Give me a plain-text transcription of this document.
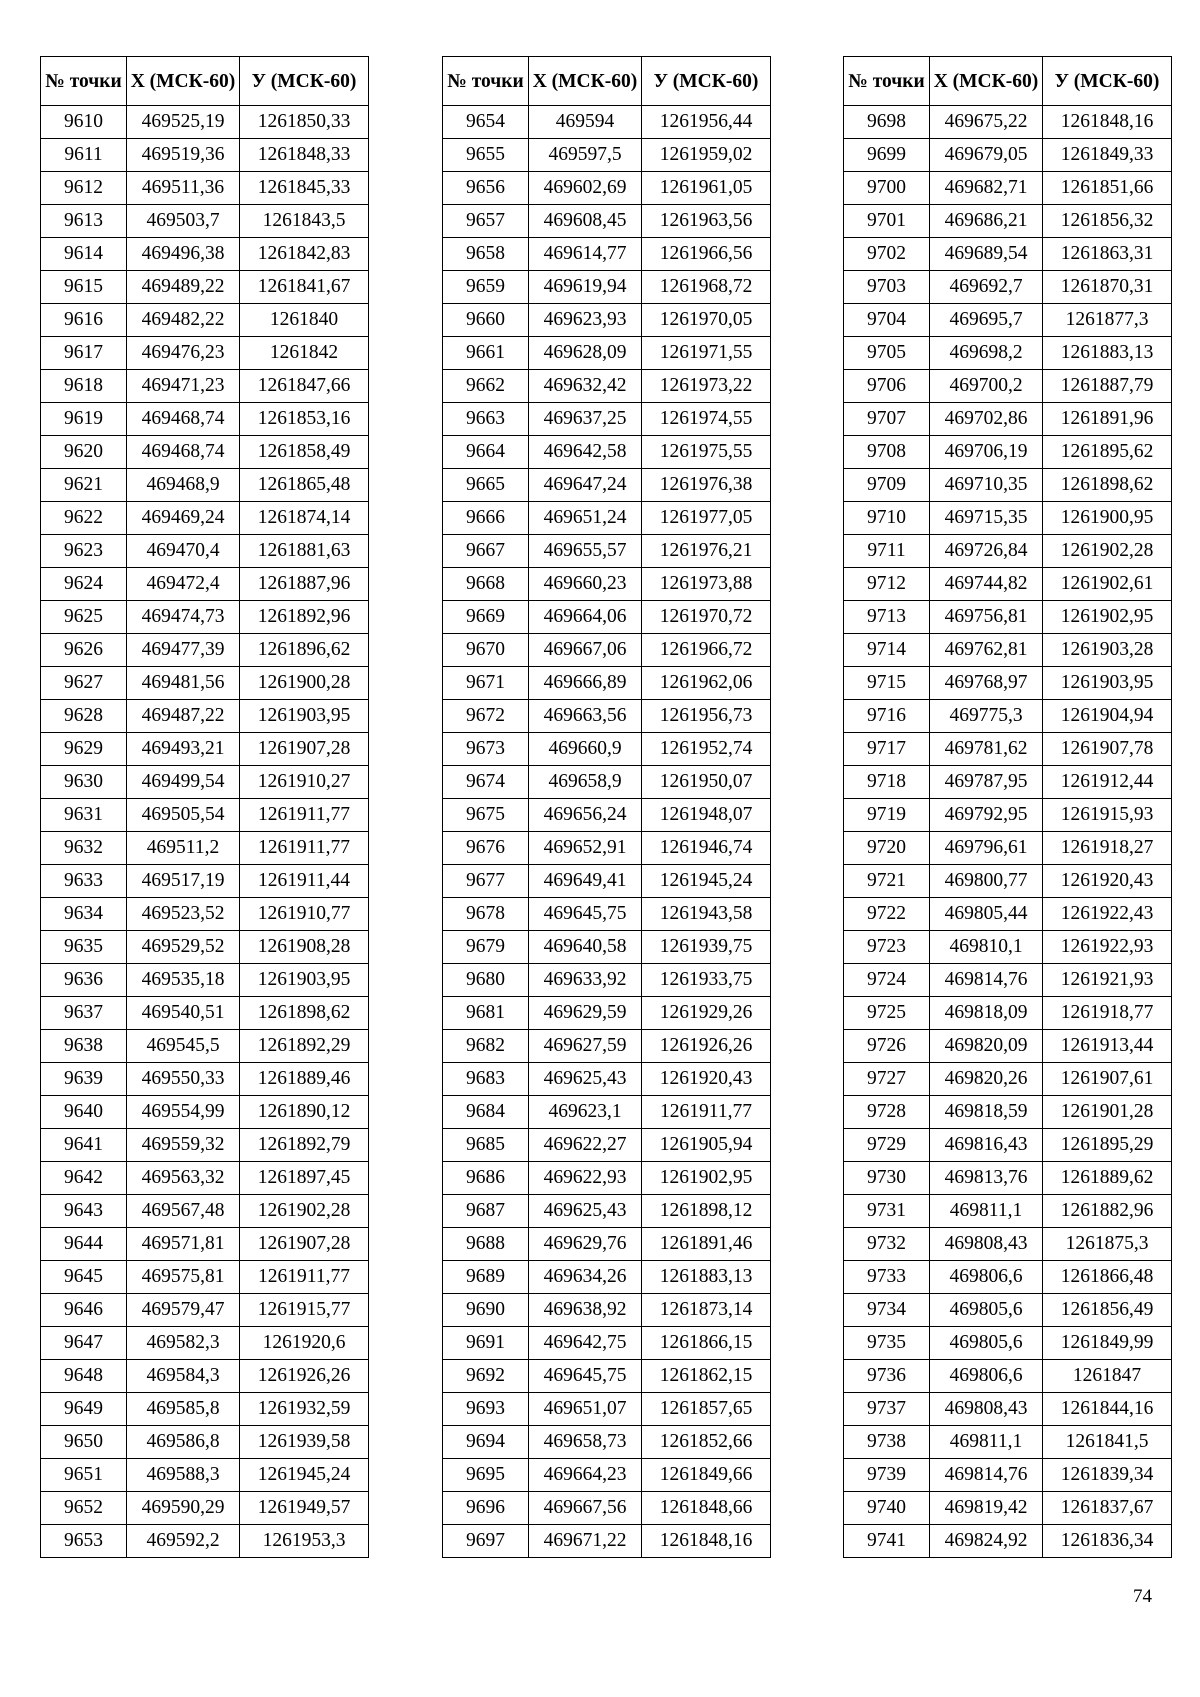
№ точки	X (МСК-60)	У (МСК-60)
9610	469525,19	1261850,33
9611	469519,36	1261848,33
9612	469511,36	1261845,33
9613	469503,7	1261843,5
9614	469496,38	1261842,83
9615	469489,22	1261841,67
9616	469482,22	1261840
9617	469476,23	1261842
9618	469471,23	1261847,66
9619	469468,74	1261853,16
9620	469468,74	1261858,49
9621	469468,9	1261865,48
9622	469469,24	1261874,14
9623	469470,4	1261881,63
9624	469472,4	1261887,96
9625	469474,73	1261892,96
9626	469477,39	1261896,62
9627	469481,56	1261900,28
9628	469487,22	1261903,95
9629	469493,21	1261907,28
9630	469499,54	1261910,27
9631	469505,54	1261911,77
9632	469511,2	1261911,77
9633	469517,19	1261911,44
9634	469523,52	1261910,77
9635	469529,52	1261908,28
9636	469535,18	1261903,95
9637	469540,51	1261898,62
9638	469545,5	1261892,29
9639	469550,33	1261889,46
9640	469554,99	1261890,12
9641	469559,32	1261892,79
9642	469563,32	1261897,45
9643	469567,48	1261902,28
9644	469571,81	1261907,28
9645	469575,81	1261911,77
9646	469579,47	1261915,77
9647	469582,3	1261920,6
9648	469584,3	1261926,26
9649	469585,8	1261932,59
9650	469586,8	1261939,58
9651	469588,3	1261945,24
9652	469590,29	1261949,57
9653	469592,2	1261953,3
№ точки	X (МСК-60)	У (МСК-60)
9654	469594	1261956,44
9655	469597,5	1261959,02
9656	469602,69	1261961,05
9657	469608,45	1261963,56
9658	469614,77	1261966,56
9659	469619,94	1261968,72
9660	469623,93	1261970,05
9661	469628,09	1261971,55
9662	469632,42	1261973,22
9663	469637,25	1261974,55
9664	469642,58	1261975,55
9665	469647,24	1261976,38
9666	469651,24	1261977,05
9667	469655,57	1261976,21
9668	469660,23	1261973,88
9669	469664,06	1261970,72
9670	469667,06	1261966,72
9671	469666,89	1261962,06
9672	469663,56	1261956,73
9673	469660,9	1261952,74
9674	469658,9	1261950,07
9675	469656,24	1261948,07
9676	469652,91	1261946,74
9677	469649,41	1261945,24
9678	469645,75	1261943,58
9679	469640,58	1261939,75
9680	469633,92	1261933,75
9681	469629,59	1261929,26
9682	469627,59	1261926,26
9683	469625,43	1261920,43
9684	469623,1	1261911,77
9685	469622,27	1261905,94
9686	469622,93	1261902,95
9687	469625,43	1261898,12
9688	469629,76	1261891,46
9689	469634,26	1261883,13
9690	469638,92	1261873,14
9691	469642,75	1261866,15
9692	469645,75	1261862,15
9693	469651,07	1261857,65
9694	469658,73	1261852,66
9695	469664,23	1261849,66
9696	469667,56	1261848,66
9697	469671,22	1261848,16
№ точки	X (МСК-60)	У (МСК-60)
9698	469675,22	1261848,16
9699	469679,05	1261849,33
9700	469682,71	1261851,66
9701	469686,21	1261856,32
9702	469689,54	1261863,31
9703	469692,7	1261870,31
9704	469695,7	1261877,3
9705	469698,2	1261883,13
9706	469700,2	1261887,79
9707	469702,86	1261891,96
9708	469706,19	1261895,62
9709	469710,35	1261898,62
9710	469715,35	1261900,95
9711	469726,84	1261902,28
9712	469744,82	1261902,61
9713	469756,81	1261902,95
9714	469762,81	1261903,28
9715	469768,97	1261903,95
9716	469775,3	1261904,94
9717	469781,62	1261907,78
9718	469787,95	1261912,44
9719	469792,95	1261915,93
9720	469796,61	1261918,27
9721	469800,77	1261920,43
9722	469805,44	1261922,43
9723	469810,1	1261922,93
9724	469814,76	1261921,93
9725	469818,09	1261918,77
9726	469820,09	1261913,44
9727	469820,26	1261907,61
9728	469818,59	1261901,28
9729	469816,43	1261895,29
9730	469813,76	1261889,62
9731	469811,1	1261882,96
9732	469808,43	1261875,3
9733	469806,6	1261866,48
9734	469805,6	1261856,49
9735	469805,6	1261849,99
9736	469806,6	1261847
9737	469808,43	1261844,16
9738	469811,1	1261841,5
9739	469814,76	1261839,34
9740	469819,42	1261837,67
9741	469824,92	1261836,34
74
